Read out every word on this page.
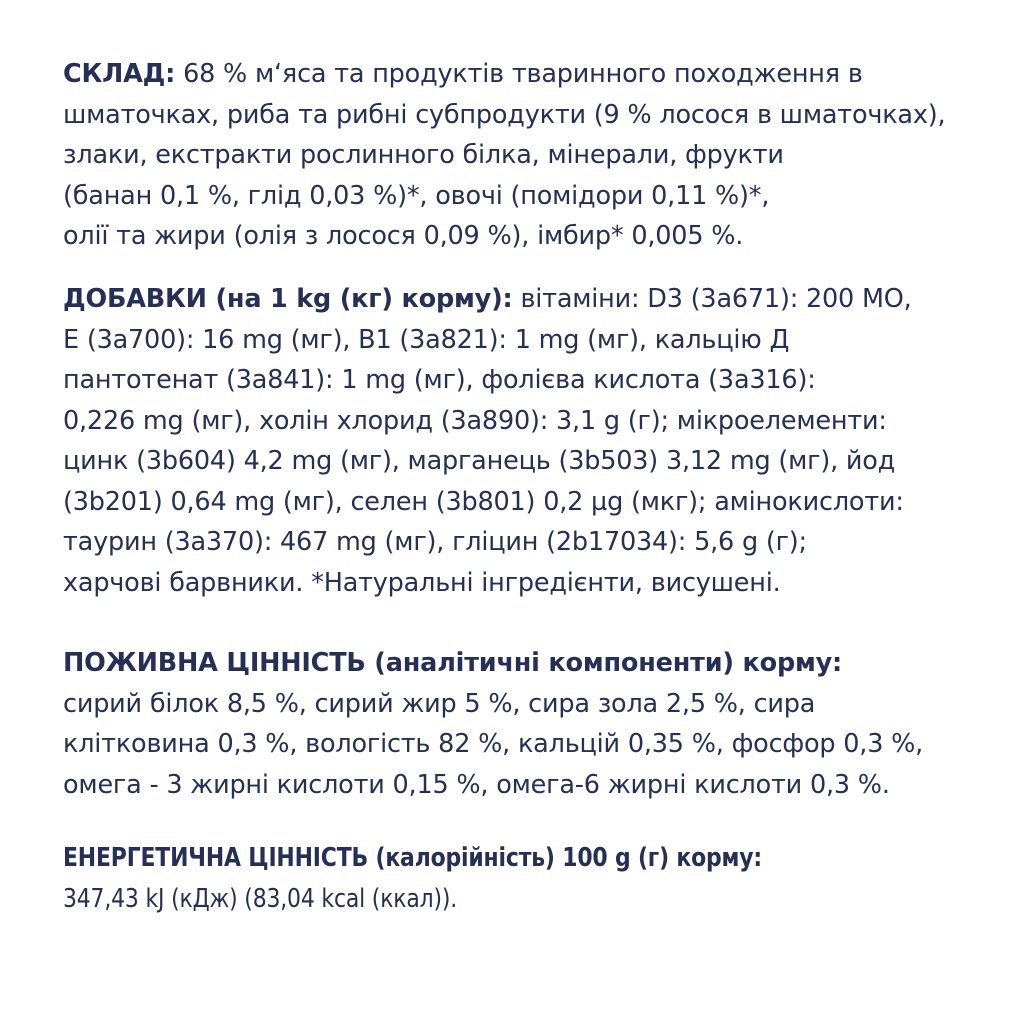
СКЛАД: 68 % м‘яса та продуктів тваринного походження в
шматочках, риба та рибні субпродукти (9 % лосося в шматочках),
злаки, екстракти рослинного білка, мінерали, фрукти
(банан 0,1 %, глід 0,03 %)*, овочі (помідори 0,11 %)*,
олії та жири (олія з лосося 0,09 %), імбир* 0,005 %.
ДОБАВКИ (на 1 kg (кг) корму): вітаміни: D3 (3a671): 200 МО,
E (3a700): 16 mg (мг), B1 (3a821): 1 mg (мг), кальцію Д
пантотенат (3a841): 1 mg (мг), фолієва кислота (3a316):
0,226 mg (мг), холін хлорид (3a890): 3,1 g (г); мікроелементи:
цинк (3b604) 4,2 mg (мг), марганець (3b503) 3,12 mg (мг), йод
(3b201) 0,64 mg (мг), селен (3b801) 0,2 µg (мкг); амінокислоти:
таурин (3a370): 467 mg (мг), гліцин (2b17034): 5,6 g (г);
харчові барвники. *Натуральні інгредієнти, висушені.
ПОЖИВНА ЦІННІСТЬ (аналітичні компоненти) корму:
сирий білок 8,5 %, сирий жир 5 %, сира зола 2,5 %, сира
клітковина 0,3 %, вологість 82 %, кальцій 0,35 %, фосфор 0,3 %,
омега - 3 жирні кислоти 0,15 %, омега-6 жирні кислоти 0,3 %.
ЕНЕРГЕТИЧНА ЦІННІСТЬ (калорійність) 100 g (г) корму:
347,43 kJ (кДж) (83,04 kcal (ккал)).
